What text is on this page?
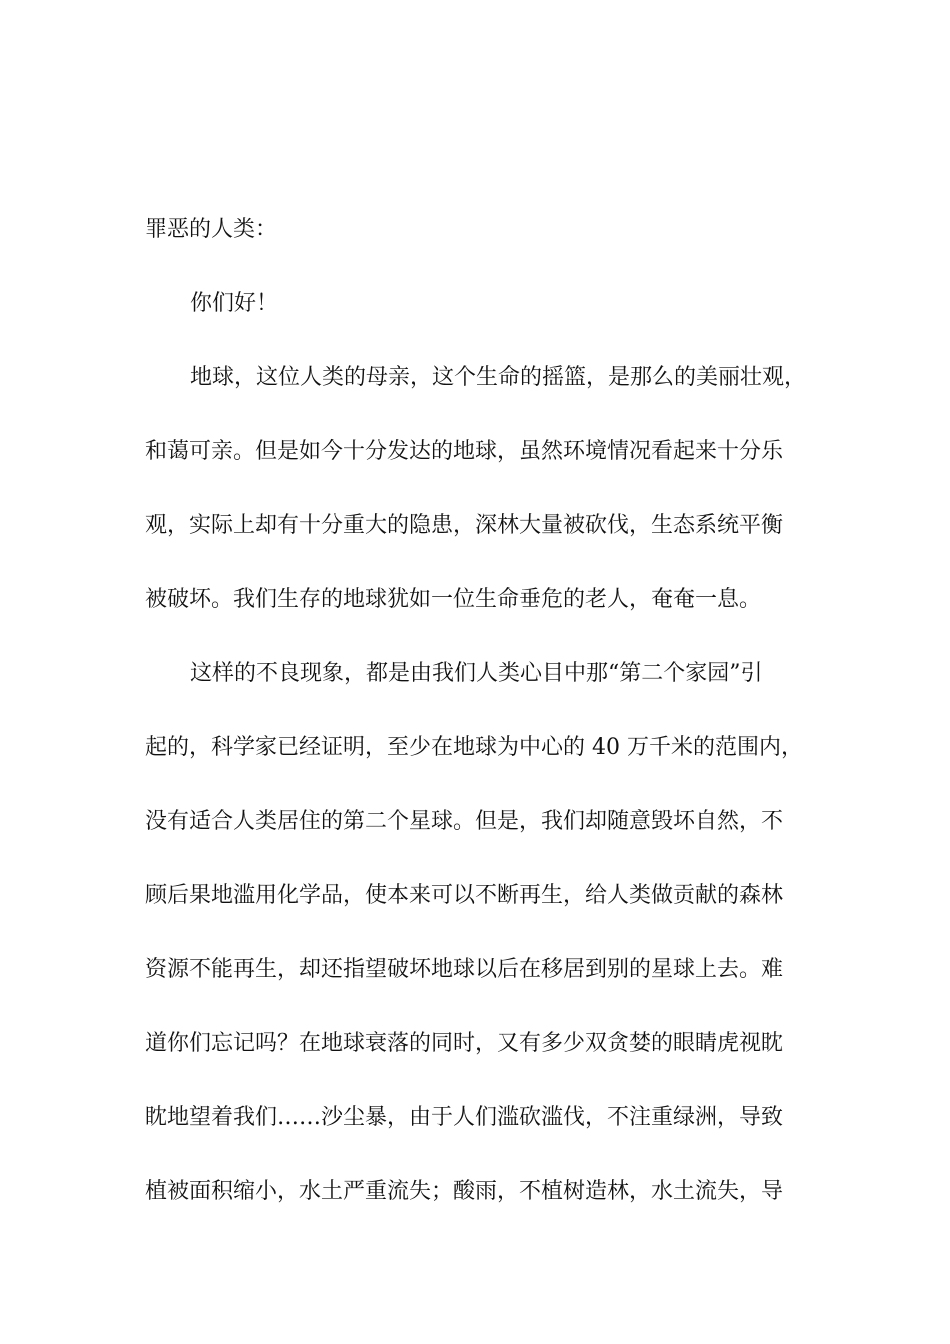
罪恶的人类：
你们好！
地球，这位人类的母亲，这个生命的摇篮，是那么的美丽壮观，
和蔼可亲。但是如今十分发达的地球，虽然环境情况看起来十分乐
观，实际上却有十分重大的隐患，深林大量被砍伐，生态系统平衡
被破坏。我们生存的地球犹如一位生命垂危的老人，奄奄一息。
这样的不良现象，都是由我们人类心目中那“第二个家园”引
起的，科学家已经证明，至少在地球为中心的 40 万千米的范围内，
没有适合人类居住的第二个星球。但是，我们却随意毁坏自然，不
顾后果地滥用化学品，使本来可以不断再生，给人类做贡献的森林
资源不能再生，却还指望破坏地球以后在移居到别的星球上去。难
道你们忘记吗？在地球衰落的同时，又有多少双贪婪的眼睛虎视眈
眈地望着我们……沙尘暴，由于人们滥砍滥伐，不注重绿洲，导致
植被面积缩小，水土严重流失；酸雨，不植树造林，水土流失，导
